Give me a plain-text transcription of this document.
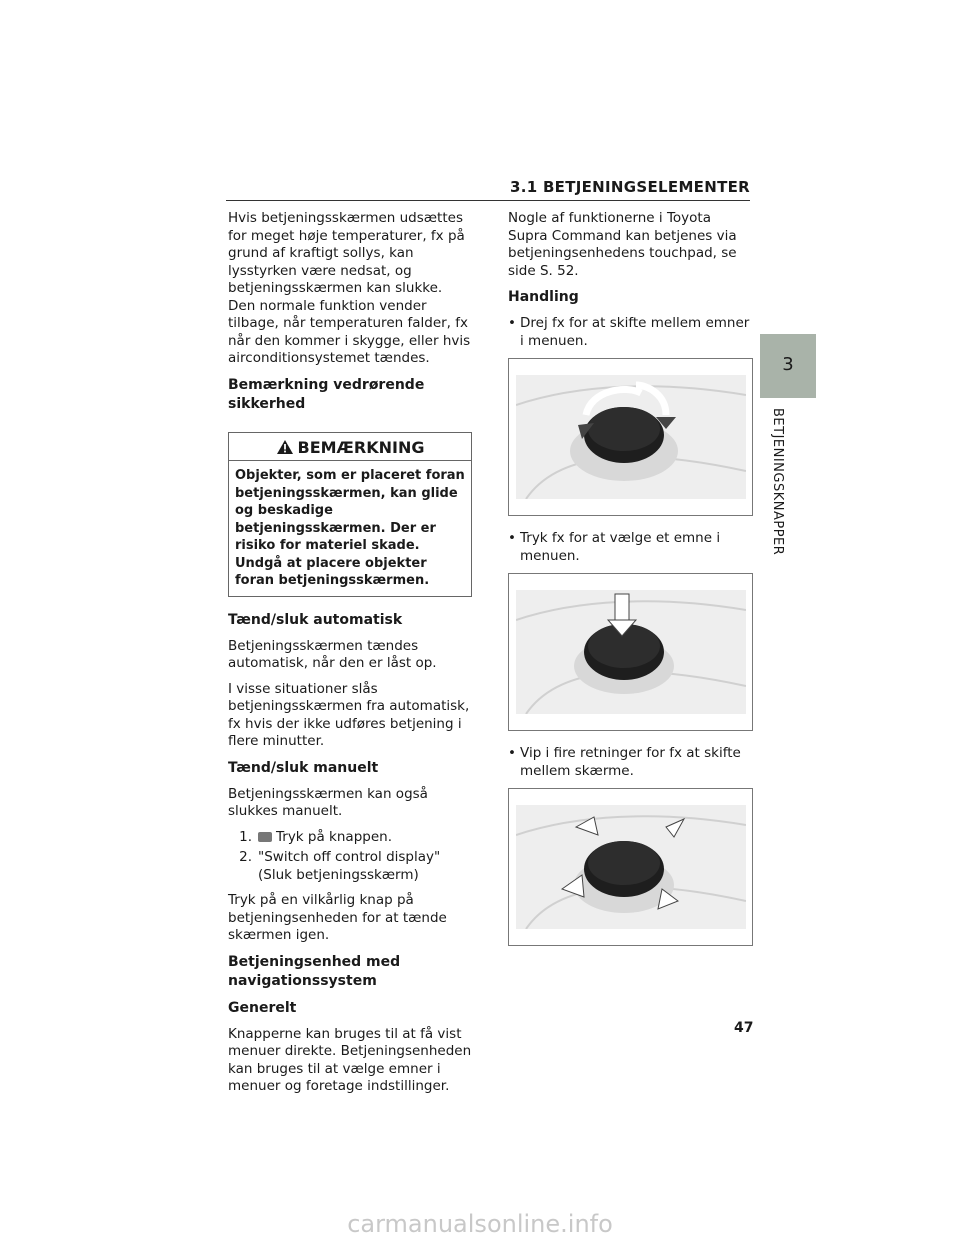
3.1 BETJENINGSELEMENTER
3
BETJENINGSKNAPPER

Hvis betjeningsskærmen udsættes for meget høje temperaturer, fx på grund af kraftigt sollys, kan lysstyrken være nedsat, og betjeningsskærmen kan slukke. Den normale funktion vender tilbage, når temperaturen falder, fx når den kommer i skygge, eller hvis airconditionsystemet tændes.

Bemærkning vedrørende sikkerhed
BEMÆRKNING
Objekter, som er placeret foran betjeningsskærmen, kan glide og beskadige betjeningsskærmen. Der er risiko for materiel skade. Undgå at placere objekter foran betjeningsskærmen.
Tænd/sluk automatisk

Betjeningsskærmen tændes automatisk, når den er låst op.

I visse situationer slås betjeningsskærmen fra automatisk, fx hvis der ikke udføres betjening i flere minutter.

Tænd/sluk manuelt

Betjeningsskærmen kan også slukkes manuelt.

1.	Tryk på knappen.
2. "Switch off control display" (Sluk betjeningsskærm)

Tryk på en vilkårlig knap på betjeningsenheden for at tænde skærmen igen.

Betjeningsenhed med navigationssystem
Generelt

Knapperne kan bruges til at få vist menuer direkte. Betjeningsenheden kan bruges til at vælge emner i menuer og foretage indstillinger.

Nogle af funktionerne i Toyota Supra Command kan betjenes via betjeningsenhedens touchpad, se side S. 52.

Handling
• Drej fx for at skifte mellem emner i menuen.
• Tryk fx for at vælge et emne i menuen.
• Vip i fire retninger for fx at skifte mellem skærme.
47
carmanualsonline.info
